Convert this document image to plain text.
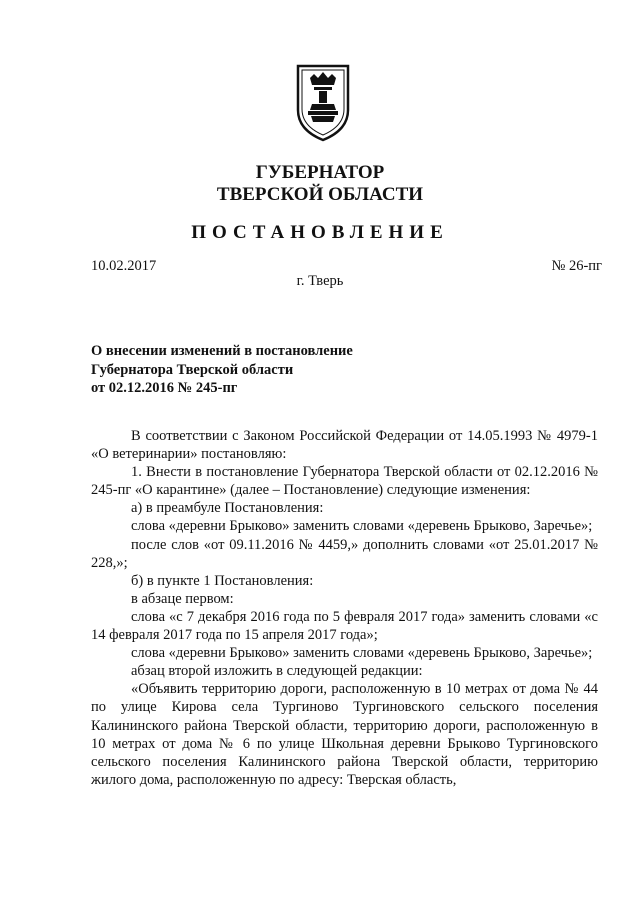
ГУБЕРНАТОР
ТВЕРСКОЙ ОБЛАСТИ
ПОСТАНОВЛЕНИЕ
10.02.2017	№ 26-пг
г. Тверь
О внесении изменений в постановление
Губернатора Тверской области
от 02.12.2016 № 245-пг

В соответствии с Законом Российской Федерации от 14.05.1993 № 4979-1 «О ветеринарии» постановляю:

1. Внести в постановление Губернатора Тверской области от 02.12.2016 № 245-пг «О карантине» (далее – Постановление) следующие изменения:

а) в преамбуле Постановления:

слова «деревни Брыково» заменить словами «деревень Брыково, Заречье»;

после слов «от 09.11.2016 № 4459,» дополнить словами «от 25.01.2017 № 228,»;

б) в пункте 1 Постановления:

в абзаце первом:

слова «с 7 декабря 2016 года по 5 февраля 2017 года» заменить словами «с 14 февраля 2017 года по 15 апреля 2017 года»;

слова «деревни Брыково» заменить словами «деревень Брыково, Заречье»;

абзац второй изложить в следующей редакции:

«Объявить территорию дороги, расположенную в 10 метрах от дома № 44 по улице Кирова села Тургиново Тургиновского сельского поселения Калининского района Тверской области, территорию дороги, расположенную в 10 метрах от дома № 6 по улице Школьная деревни Брыково Тургиновского сельского поселения Калининского района Тверской области, территорию жилого дома, расположенную по адресу: Тверская область,
